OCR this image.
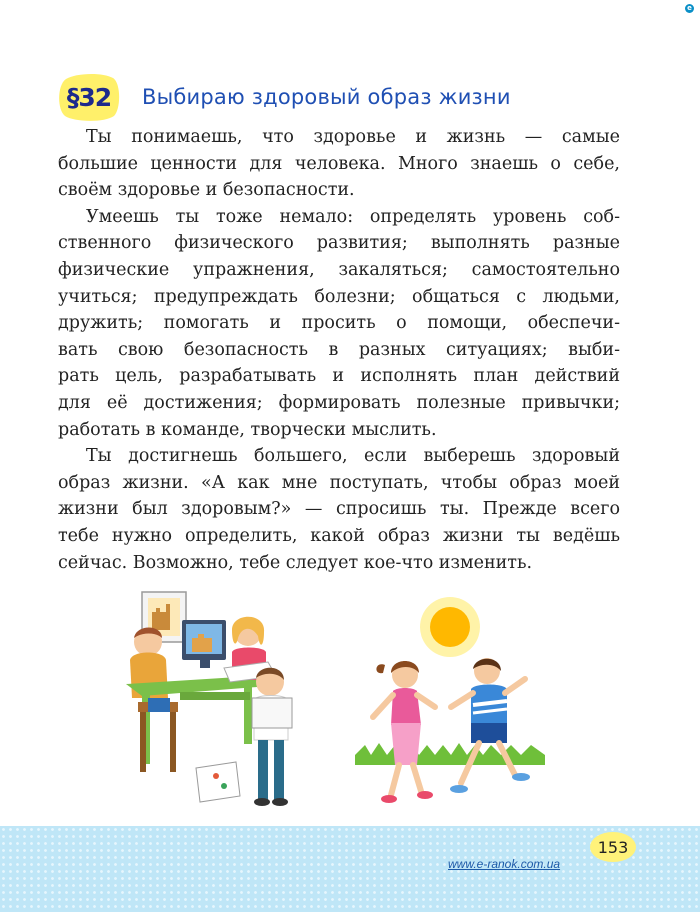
e
§32 Выбираю здоровый образ жизни

Ты понимаешь, что здоровье и жизнь — самые
большие ценности для человека. Много знаешь о себе,
своём здоровье и безопасности.

Умеешь ты тоже немало: определять уровень соб-
ственного физического развития; выполнять разные
физические упражнения, закаляться; самостоятельно
учиться; предупреждать болезни; общаться с людьми,
дружить; помогать и просить о помощи, обеспечи-
вать свою безопасность в разных ситуациях; выби-
рать цель, разрабатывать и исполнять план действий
для её достижения; формировать полезные привычки;
работать в команде, творчески мыслить.

Ты достигнешь большего, если выберешь здоровый
образ жизни. «А как мне поступать, чтобы образ моей
жизни был здоровым?» — спросишь ты. Прежде всего
тебе нужно определить, какой образ жизни ты ведёшь
сейчас. Возможно, тебе следует кое-что изменить.

www.e-ranok.com.ua
153
